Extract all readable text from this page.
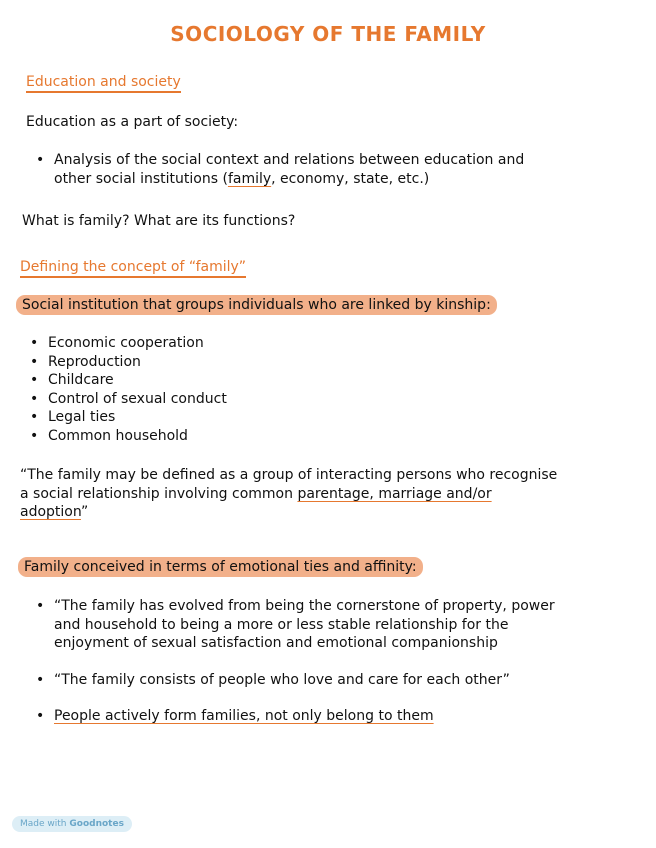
SOCIOLOGY OF THE FAMILY
Education and society
Education as a part of society:
• Analysis of the social context and relations between education and
other social institutions (family, economy, state, etc.)
What is family? What are its functions?
Defining the concept of “family”
Social institution that groups individuals who are linked by kinship:
• Economic cooperation
• Reproduction
• Childcare
• Control of sexual conduct
• Legal ties
• Common household
“The family may be defined as a group of interacting persons who recognise
a social relationship involving common parentage, marriage and/or
adoption”
Family conceived in terms of emotional ties and affinity:
• “The family has evolved from being the cornerstone of property, power
and household to being a more or less stable relationship for the
enjoyment of sexual satisfaction and emotional companionship
• “The family consists of people who love and care for each other”
• People actively form families, not only belong to them
Made with Goodnotes
